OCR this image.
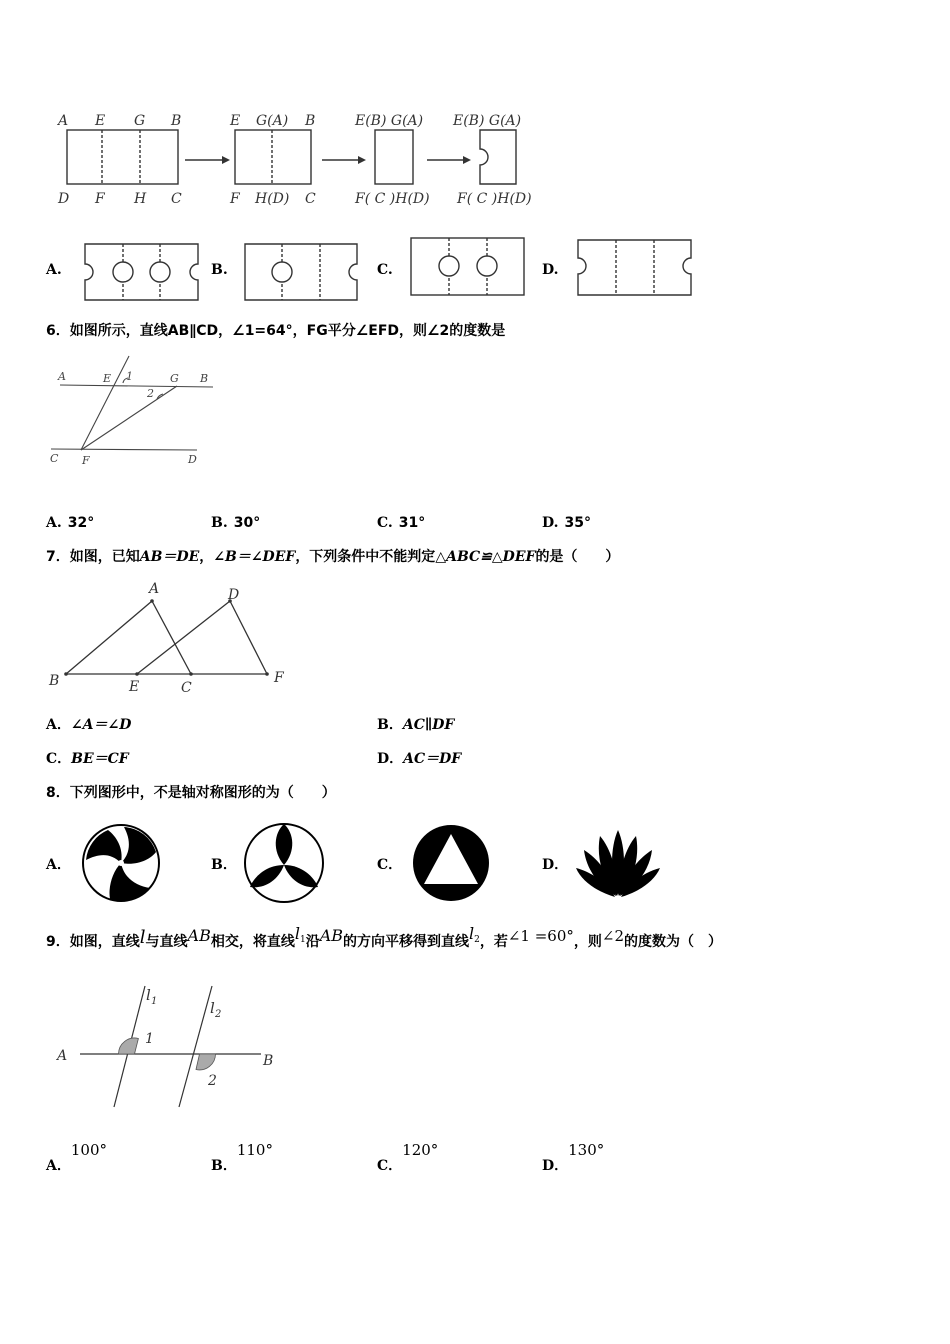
A E G B
D F H C
E G(A) B
F H(D) C
E(B) G(A)
F( C )H(D)
E(B) G(A)
F( C )H(D)
A.	B.	C.	D.
6．如图所示，直线AB∥CD，∠1=64°，FG平分∠EFD，则∠2的度数是
A	E 1	G B
2
C F	D
A. 32°	B. 30°	C. 31°	D. 35°
7．如图，已知AB＝DE，∠B＝∠DEF，下列条件中不能判定△ABC≌△DEF的是（　　）
A	D
B	E	C
F
A．∠A＝∠D	B．AC∥DF
C．BE＝CF	D．AC＝DF
8．下列图形中，不是轴对称图形的为（　　）
A．	B．	C．	D．
9．如图，直线l与直线AB相交，将直线$l^1$沿AB的方向平移得到直线$l^2$，若∠1 =60°，则∠2的度数为（　）
l 1	l 2
A	B
1
2
A．100°
B．110°
C．120°
D．130°
